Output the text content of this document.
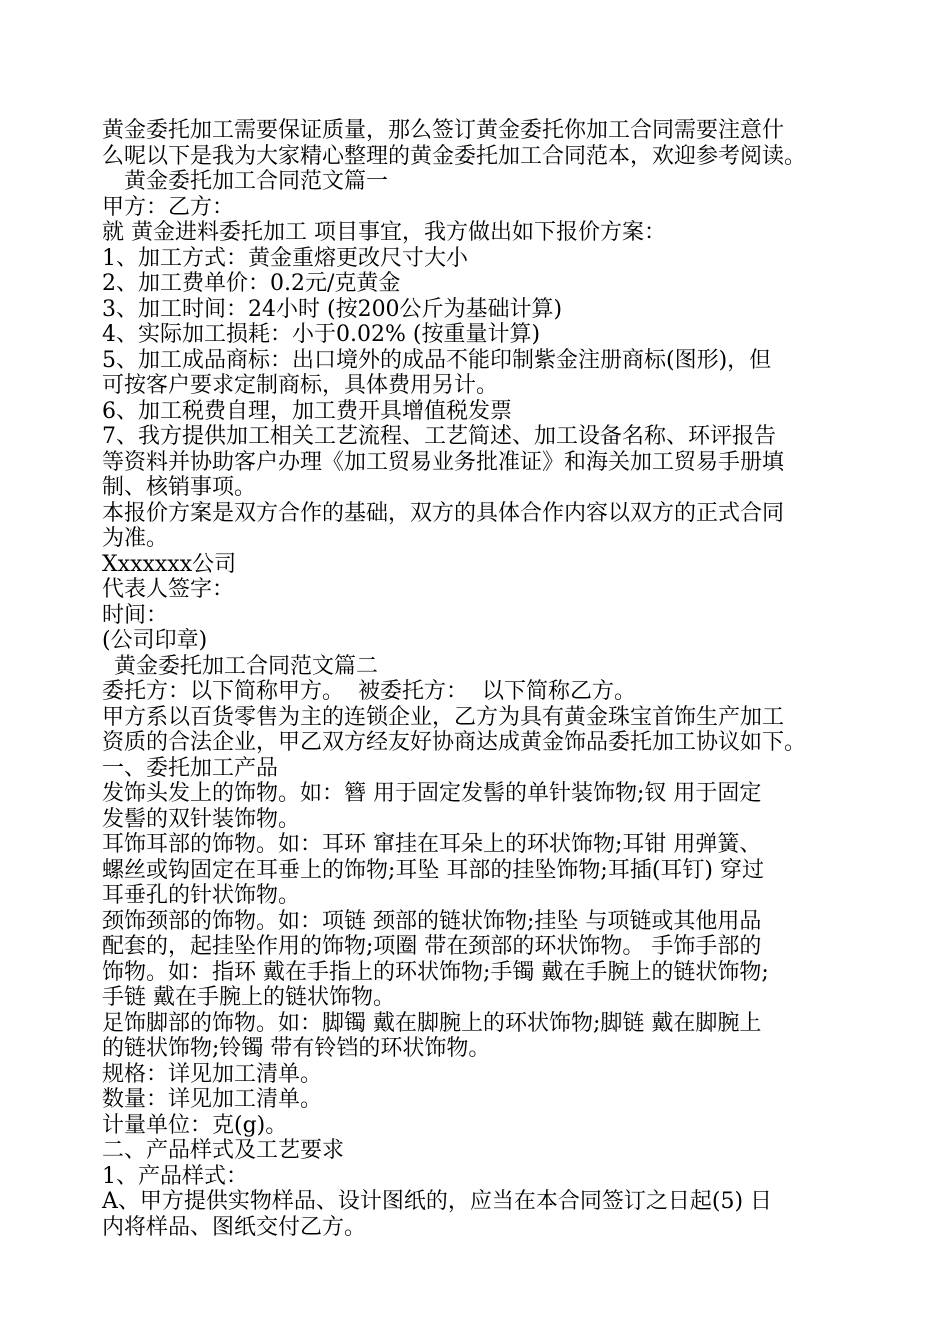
黄金委托加工需要保证质量，那么签订黄金委托你加工合同需要注意什
么呢以下是我为大家精心整理的黄金委托加工合同范本，欢迎参考阅读。
黄金委托加工合同范文篇一
甲方：乙方：
就 黄金进料委托加工 项目事宜，我方做出如下报价方案：
1、加工方式：黄金重熔更改尺寸大小
2、加工费单价：0.2元/克黄金
3、加工时间：24小时 (按200公斤为基础计算)
4、实际加工损耗：小于0.02% (按重量计算)
5、加工成品商标：出口境外的成品不能印制紫金注册商标(图形)，但
可按客户要求定制商标，具体费用另计。
6、加工税费自理，加工费开具增值税发票
7、我方提供加工相关工艺流程、工艺简述、加工设备名称、环评报告
等资料并协助客户办理《加工贸易业务批准证》和海关加工贸易手册填
制、核销事项。
本报价方案是双方合作的基础，双方的具体合作内容以双方的正式合同
为准。
Xxxxxxx公司
代表人签字：
时间：
(公司印章)
黄金委托加工合同范文篇二
委托方：以下简称甲方。  被委托方：  以下简称乙方。
甲方系以百货零售为主的连锁企业，乙方为具有黄金珠宝首饰生产加工
资质的合法企业，甲乙双方经友好协商达成黄金饰品委托加工协议如下。
一、委托加工产品
发饰头发上的饰物。如：簪 用于固定发髻的单针装饰物;钗 用于固定
发髻的双针装饰物。
耳饰耳部的饰物。如：耳环 窜挂在耳朵上的环状饰物;耳钳 用弹簧、
螺丝或钩固定在耳垂上的饰物;耳坠 耳部的挂坠饰物;耳插(耳钉) 穿过
耳垂孔的针状饰物。
颈饰颈部的饰物。如：项链 颈部的链状饰物;挂坠 与项链或其他用品
配套的，起挂坠作用的饰物;项圈 带在颈部的环状饰物。 手饰手部的
饰物。如：指环 戴在手指上的环状饰物;手镯 戴在手腕上的链状饰物;
手链 戴在手腕上的链状饰物。
足饰脚部的饰物。如：脚镯 戴在脚腕上的环状饰物;脚链 戴在脚腕上
的链状饰物;铃镯 带有铃铛的环状饰物。
规格：详见加工清单。
数量：详见加工清单。
计量单位：克(g)。
二、产品样式及工艺要求
1、产品样式：
A、甲方提供实物样品、设计图纸的，应当在本合同签订之日起(5) 日
内将样品、图纸交付乙方。
